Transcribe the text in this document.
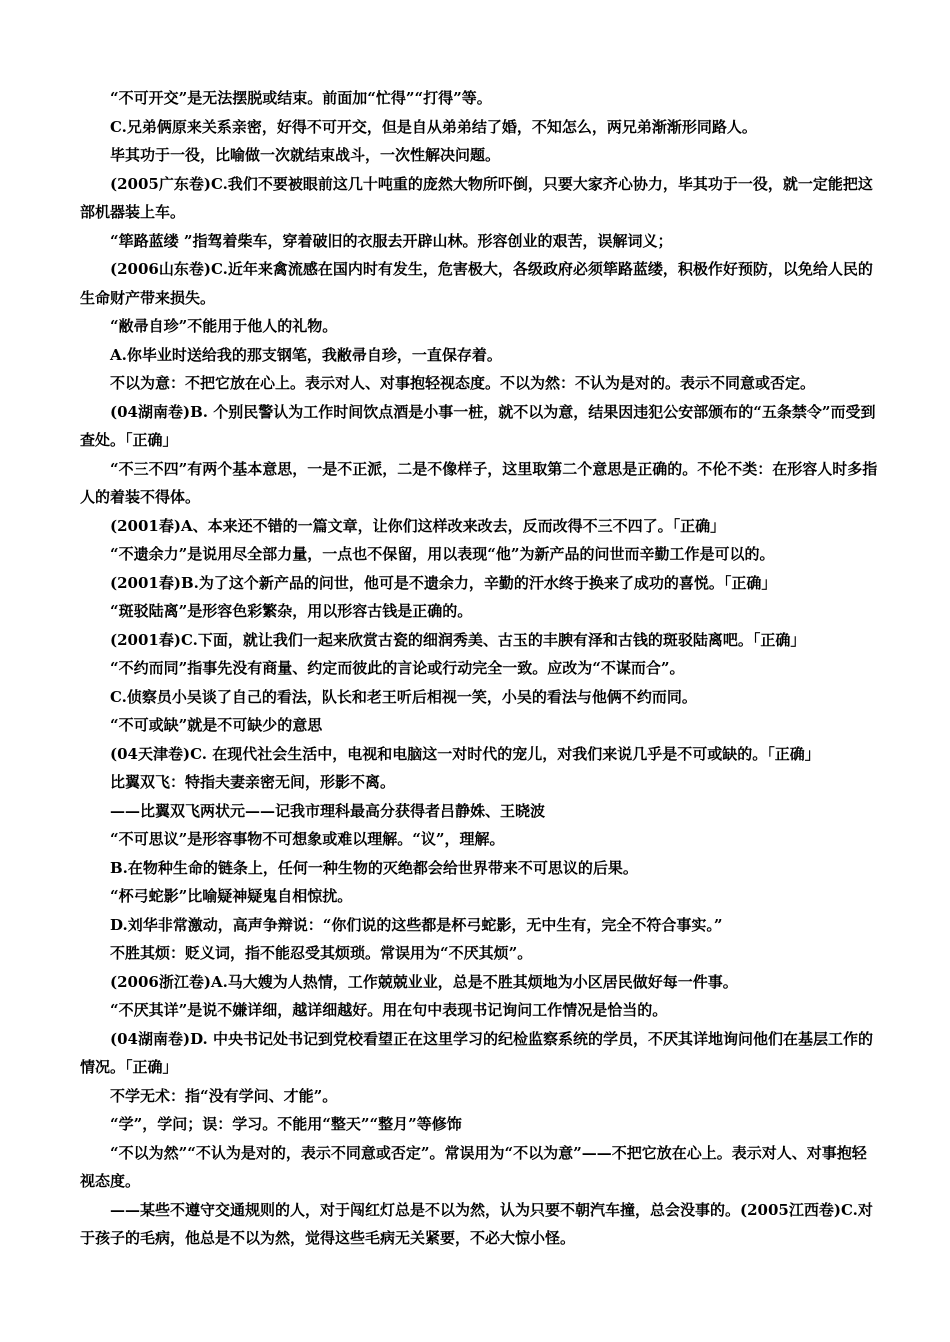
“不可开交”是无法摆脱或结束。前面加“忙得”“打得”等。

C.兄弟俩原来关系亲密，好得不可开交，但是自从弟弟结了婚，不知怎么，两兄弟渐渐形同路人。

毕其功于一役，比喻做一次就结束战斗，一次性解决问题。

(2005广东卷)C.我们不要被眼前这几十吨重的庞然大物所吓倒，只要大家齐心协力，毕其功于一役，就一定能把这部机器装上车。

“筚路蓝缕 ”指驾着柴车，穿着破旧的衣服去开辟山林。形容创业的艰苦，误解词义；

(2006山东卷)C.近年来禽流感在国内时有发生，危害极大，各级政府必须筚路蓝缕，积极作好预防，以免给人民的生命财产带来损失。

“敝帚自珍”不能用于他人的礼物。

A.你毕业时送给我的那支钢笔，我敝帚自珍，一直保存着。

不以为意：不把它放在心上。表示对人、对事抱轻视态度。不以为然：不认为是对的。表示不同意或否定。

(04湖南卷)B. 个别民警认为工作时间饮点酒是小事一桩，就不以为意，结果因违犯公安部颁布的“五条禁令”而受到查处。「正确」

“不三不四”有两个基本意思，一是不正派，二是不像样子，这里取第二个意思是正确的。不伦不类：在形容人时多指人的着装不得体。

(2001春)A、本来还不错的一篇文章，让你们这样改来改去，反而改得不三不四了。「正确」

“不遗余力”是说用尽全部力量，一点也不保留，用以表现“他”为新产品的问世而辛勤工作是可以的。

(2001春)B.为了这个新产品的问世，他可是不遗余力，辛勤的汗水终于换来了成功的喜悦。「正确」

“斑驳陆离”是形容色彩繁杂，用以形容古钱是正确的。

(2001春)C.下面，就让我们一起来欣赏古瓷的细润秀美、古玉的丰腴有泽和古钱的斑驳陆离吧。「正确」

“不约而同”指事先没有商量、约定而彼此的言论或行动完全一致。应改为“不谋而合”。

C.侦察员小吴谈了自己的看法，队长和老王听后相视一笑，小吴的看法与他俩不约而同。

“不可或缺”就是不可缺少的意思

(04天津卷)C. 在现代社会生活中，电视和电脑这一对时代的宠儿，对我们来说几乎是不可或缺的。「正确」

比翼双飞：特指夫妻亲密无间，形影不离。

——比翼双飞两状元——记我市理科最高分获得者吕静姝、王晓波

“不可思议”是形容事物不可想象或难以理解。“议”，理解。

B.在物种生命的链条上，任何一种生物的灭绝都会给世界带来不可思议的后果。

“杯弓蛇影”比喻疑神疑鬼自相惊扰。

D.刘华非常激动，高声争辩说：“你们说的这些都是杯弓蛇影，无中生有，完全不符合事实。”

不胜其烦：贬义词，指不能忍受其烦琐。常误用为“不厌其烦”。

(2006浙江卷)A.马大嫂为人热情，工作兢兢业业，总是不胜其烦地为小区居民做好每一件事。

“不厌其详”是说不嫌详细，越详细越好。用在句中表现书记询问工作情况是恰当的。

(04湖南卷)D. 中央书记处书记到党校看望正在这里学习的纪检监察系统的学员，不厌其详地询问他们在基层工作的情况。「正确」

不学无术：指“没有学问、才能”。

“学”，学问；误：学习。不能用“整天”“整月”等修饰

“不以为然”“不认为是对的，表示不同意或否定”。常误用为“不以为意”——不把它放在心上。表示对人、对事抱轻视态度。

——某些不遵守交通规则的人，对于闯红灯总是不以为然，认为只要不朝汽车撞，总会没事的。(2005江西卷)C.对于孩子的毛病，他总是不以为然，觉得这些毛病无关紧要，不必大惊小怪。
